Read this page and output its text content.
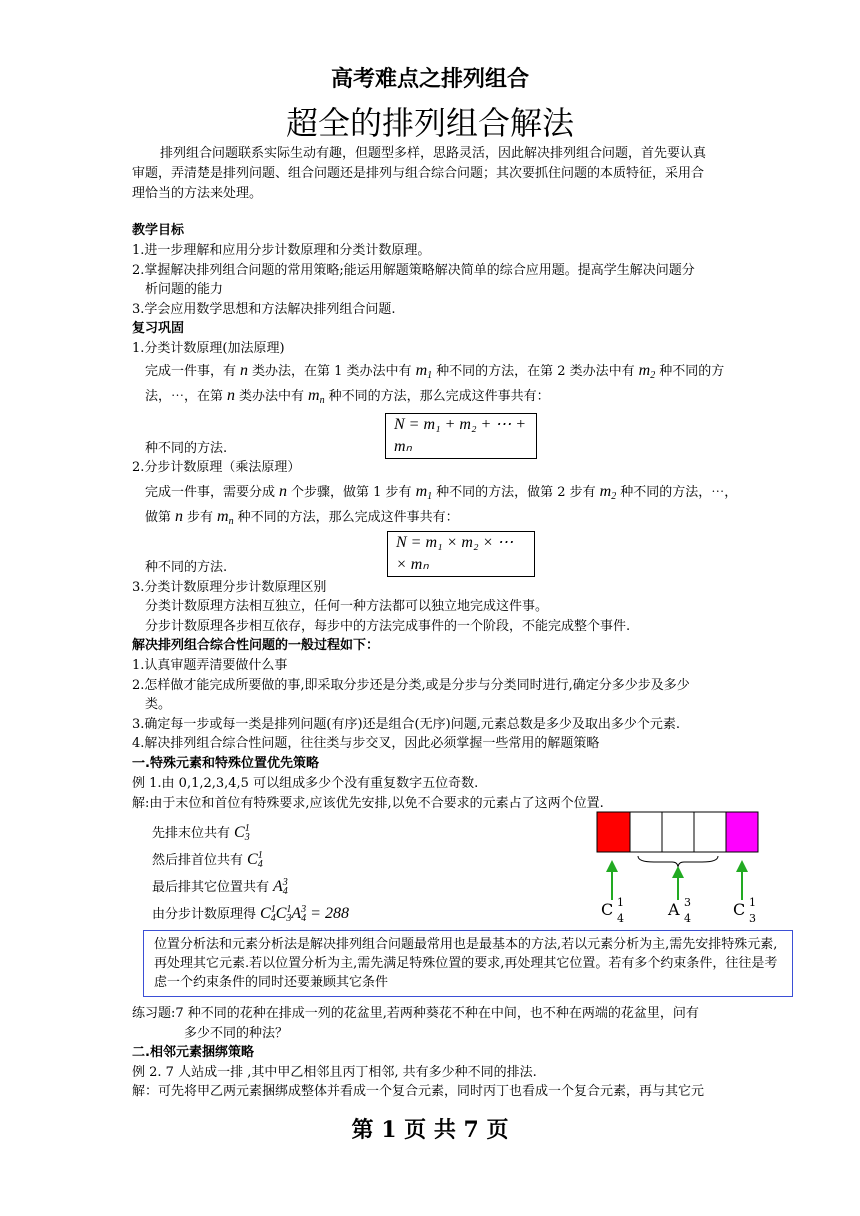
高考难点之排列组合
超全的排列组合解法
排列组合问题联系实际生动有趣，但题型多样，思路灵活，因此解决排列组合问题，首先要认真
审题，弄清楚是排列问题、组合问题还是排列与组合综合问题；其次要抓住问题的本质特征，采用合
理恰当的方法来处理。
教学目标
1.进一步理解和应用分步计数原理和分类计数原理。
2.掌握解决排列组合问题的常用策略;能运用解题策略解决简单的综合应用题。提高学生解决问题分
析问题的能力
3.学会应用数学思想和方法解决排列组合问题.
复习巩固
1.分类计数原理(加法原理)
完成一件事，有 n 类办法，在第 1 类办法中有 $m_1$ 种不同的方法，在第 2 类办法中有 $m_2$ 种不同的方
法，⋯，在第 n 类办法中有 $m_n$ 种不同的方法，那么完成这件事共有：
N = m₁ + m₂ + ⋯ + mₙ
种不同的方法.
2.分步计数原理（乘法原理）
完成一件事，需要分成 n 个步骤，做第 1 步有 $m_1$ 种不同的方法，做第 2 步有 $m_2$ 种不同的方法，⋯，
做第 n 步有 $m_n$ 种不同的方法，那么完成这件事共有：
N = m₁ × m₂ × ⋯ × mₙ
种不同的方法.
3.分类计数原理分步计数原理区别
分类计数原理方法相互独立，任何一种方法都可以独立地完成这件事。
分步计数原理各步相互依存，每步中的方法完成事件的一个阶段，不能完成整个事件.
解决排列组合综合性问题的一般过程如下：
1.认真审题弄清要做什么事
2.怎样做才能完成所要做的事,即采取分步还是分类,或是分步与分类同时进行,确定分多少步及多少
类。
3.确定每一步或每一类是排列问题(有序)还是组合(无序)问题,元素总数是多少及取出多少个元素.
4.解决排列组合综合性问题，往往类与步交叉，因此必须掌握一些常用的解题策略
一.特殊元素和特殊位置优先策略
例 1.由 0,1,2,3,4,5 可以组成多少个没有重复数字五位奇数.
解:由于末位和首位有特殊要求,应该优先安排,以免不合要求的元素占了这两个位置.
先排末位共有 $C^1_3$
然后排首位共有 $C^1_4$
最后排其它位置共有 $A^3_4$
由分步计数原理得 $C^1_4C^1_3A^3_4 = 288$	C 1
4	A 3
4	C 1
3
位置分析法和元素分析法是解决排列组合问题最常用也是最基本的方法,若以元素分析为主,需先安排特殊元素,再处理其它元素.若以位置分析为主,需先满足特殊位置的要求,再处理其它位置。若有多个约束条件，往往是考虑一个约束条件的同时还要兼顾其它条件
练习题:7 种不同的花种在排成一列的花盆里,若两种葵花不种在中间，也不种在两端的花盆里，问有
多少不同的种法？
二.相邻元素捆绑策略
例 2. 7 人站成一排 ,其中甲乙相邻且丙丁相邻, 共有多少种不同的排法.
解：可先将甲乙两元素捆绑成整体并看成一个复合元素，同时丙丁也看成一个复合元素，再与其它元
第 1 页 共 7 页
